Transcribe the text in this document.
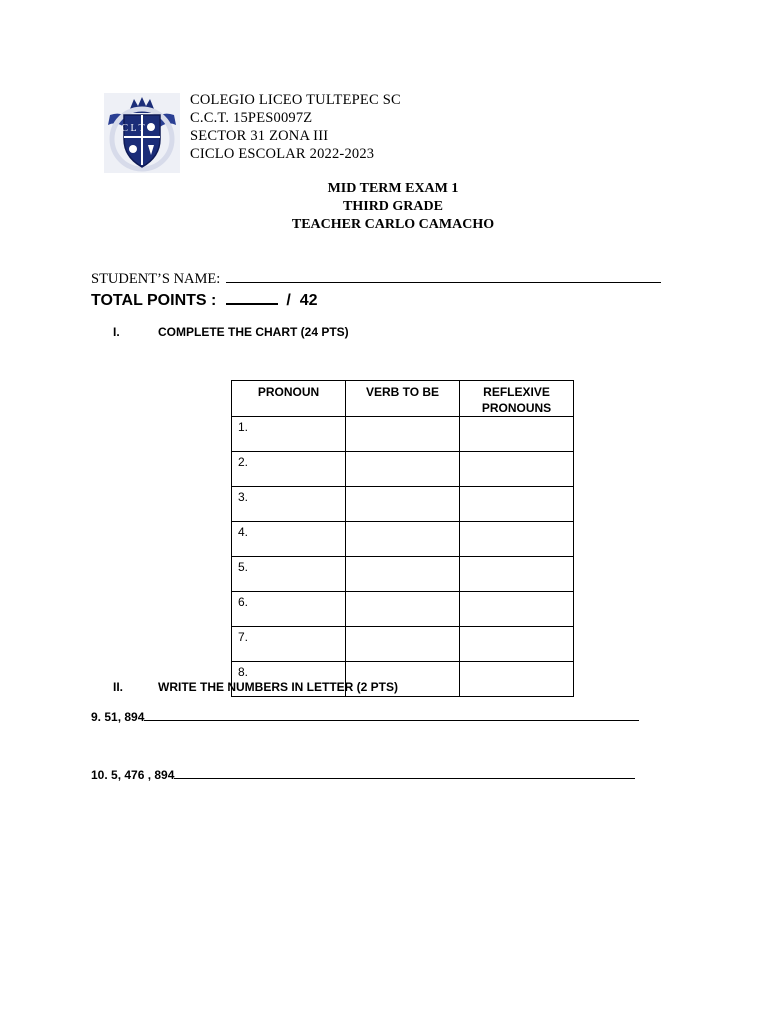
C L T
COLEGIO LICEO TULTEPEC SC
C.C.T. 15PES0097Z
SECTOR 31 ZONA III
CICLO ESCOLAR 2022-2023
MID TERM EXAM 1
THIRD GRADE
TEACHER CARLO CAMACHO
STUDENT’S NAME:
TOTAL POINTS :	/ 42
I.	COMPLETE THE CHART (24 PTS)
PRONOUN	VERB TO BE	REFLEXIVE PRONOUNS
1.		
2.		
3.		
4.		
5.		
6.		
7.		
8.		
II.	WRITE THE NUMBERS IN LETTER (2 PTS)
9. 51, 894
10. 5, 476 , 894
